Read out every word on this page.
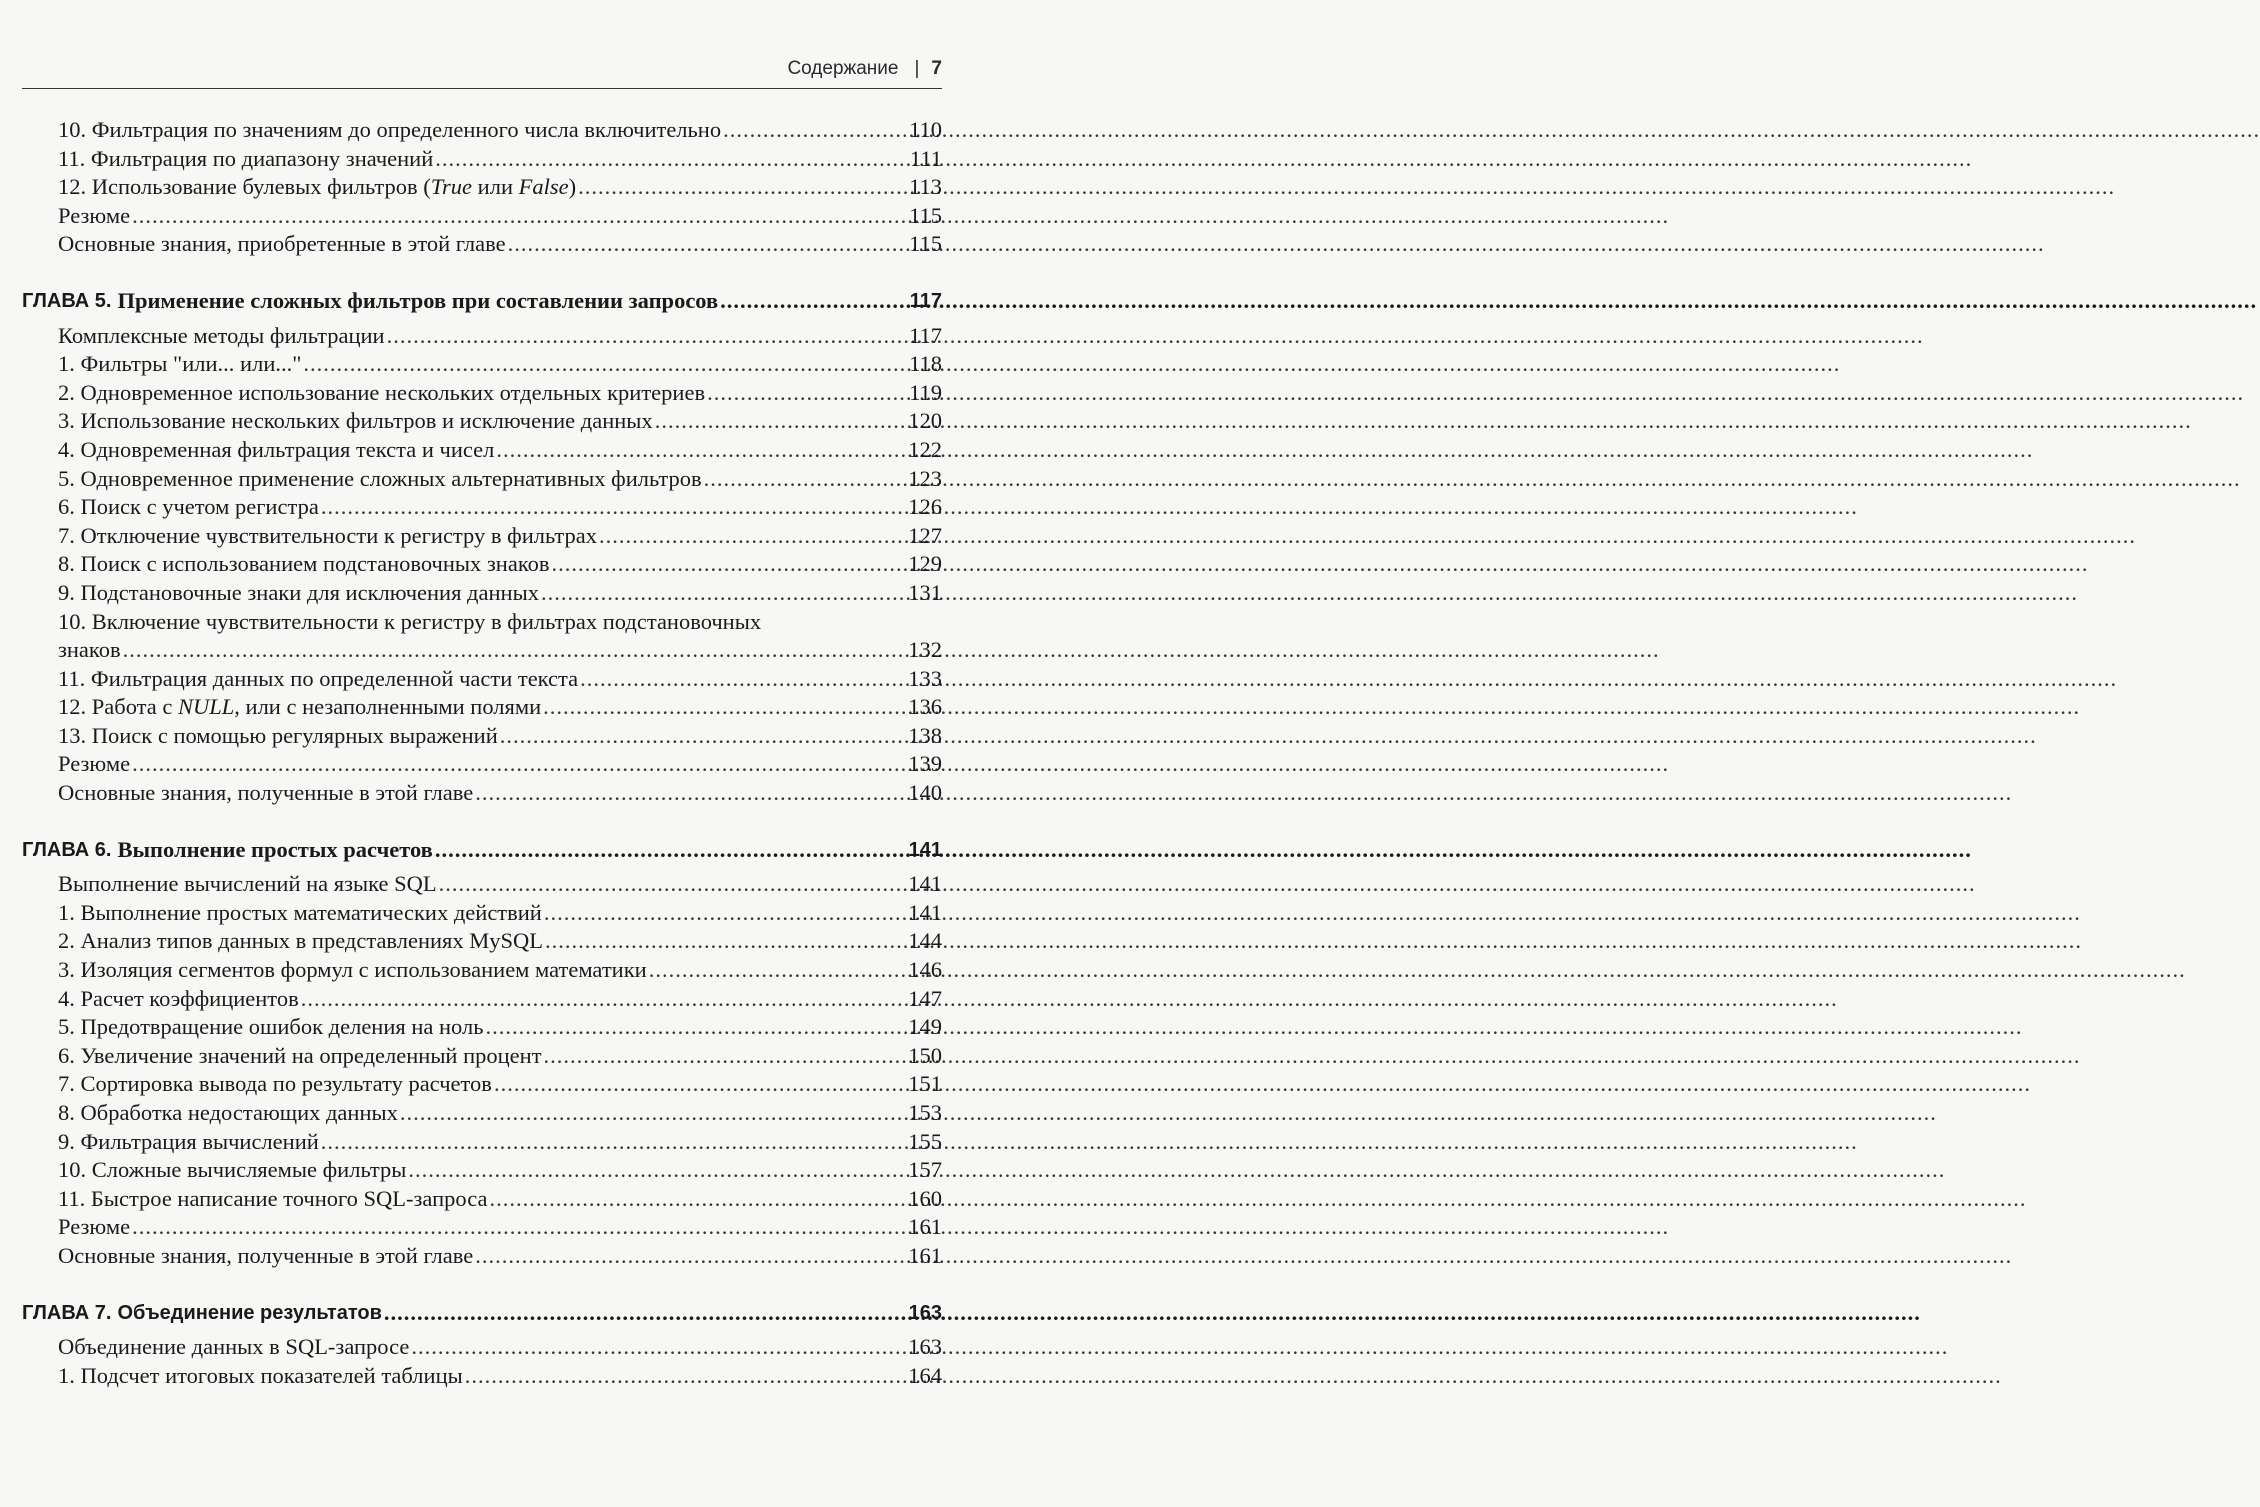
Содержание | 7
10. Фильтрация по значениям до определенного числа включительно .....	110
11. Фильтрация по диапазону значений .....	111
12. Использование булевых фильтров (True или False) .....	113
Резюме .....	115
Основные знания, приобретенные в этой главе .....	115
ГЛАВА 5. Применение сложных фильтров при составлении запросов .....	117
Комплексные методы фильтрации .....	117
1. Фильтры "или... или..." .....	118
2. Одновременное использование нескольких отдельных критериев .....	119
3. Использование нескольких фильтров и исключение данных .....	120
4. Одновременная фильтрация текста и чисел .....	122
5. Одновременное применение сложных альтернативных фильтров .....	123
6. Поиск с учетом регистра .....	126
7. Отключение чувствительности к регистру в фильтрах .....	127
8. Поиск с использованием подстановочных знаков .....	129
9. Подстановочные знаки для исключения данных .....	131
10. Включение чувствительности к регистру в фильтрах подстановочных
знаков .....	132
11. Фильтрация данных по определенной части текста .....	133
12. Работа с NULL, или с незаполненными полями .....	136
13. Поиск с помощью регулярных выражений .....	138
Резюме .....	139
Основные знания, полученные в этой главе .....	140
ГЛАВА 6. Выполнение простых расчетов .....	141
Выполнение вычислений на языке SQL .....	141
1. Выполнение простых математических действий .....	141
2. Анализ типов данных в представлениях MySQL .....	144
3. Изоляция сегментов формул с использованием математики .....	146
4. Расчет коэффициентов .....	147
5. Предотвращение ошибок деления на ноль .....	149
6. Увеличение значений на определенный процент .....	150
7. Сортировка вывода по результату расчетов .....	151
8. Обработка недостающих данных .....	153
9. Фильтрация вычислений .....	155
10. Сложные вычисляемые фильтры .....	157
11. Быстрое написание точного SQL-запроса .....	160
Резюме .....	161
Основные знания, полученные в этой главе .....	161
ГЛАВА 7. Объединение результатов .....	163
Объединение данных в SQL-запросе .....	163
1. Подсчет итоговых показателей таблицы .....	164
